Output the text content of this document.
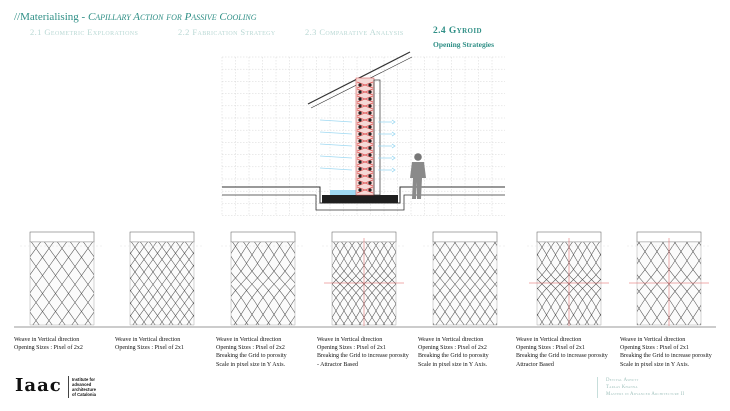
//Materialising - Capillary Action for Passive Cooling
2.1 Geometric Explorations	2.2 Fabrication Strategy	2.3 Comparative Analysis	2.4 Gyroid
Opening Strategies
Weave in Vertical direction
Opening Sizes : Pixel of 2x2
Weave in Vertical direction
Opening Sizes : Pixel of 2x1
Weave in Vertical direction
Opening Sizes : Pixel of 2x2
Breaking the Grid to porosity
Scale in pixel size in Y Axis.
Weave in Vertical direction
Opening Sizes : Pixel of 2x1
Breaking the Grid to increase porosity
- Attractor Based
Weave in Vertical direction
Opening Sizes : Pixel of 2x2
Breaking the Grid to porosity
Scale in pixel size in Y Axis.
Weave in Vertical direction
Opening Sizes : Pixel of 2x1
Breaking the Grid to increase porosity
Attractor Based
Weave in Vertical direction
Opening Sizes : Pixel of 2x1
Breaking the Grid to increase porosity
Scale in pixel size in Y Axis.
Iaac Institute for
advanced
architecture
of Catalonia
Deviyal Ashutt
Tapaas Khanna
Masters in Advanced Architecture II
